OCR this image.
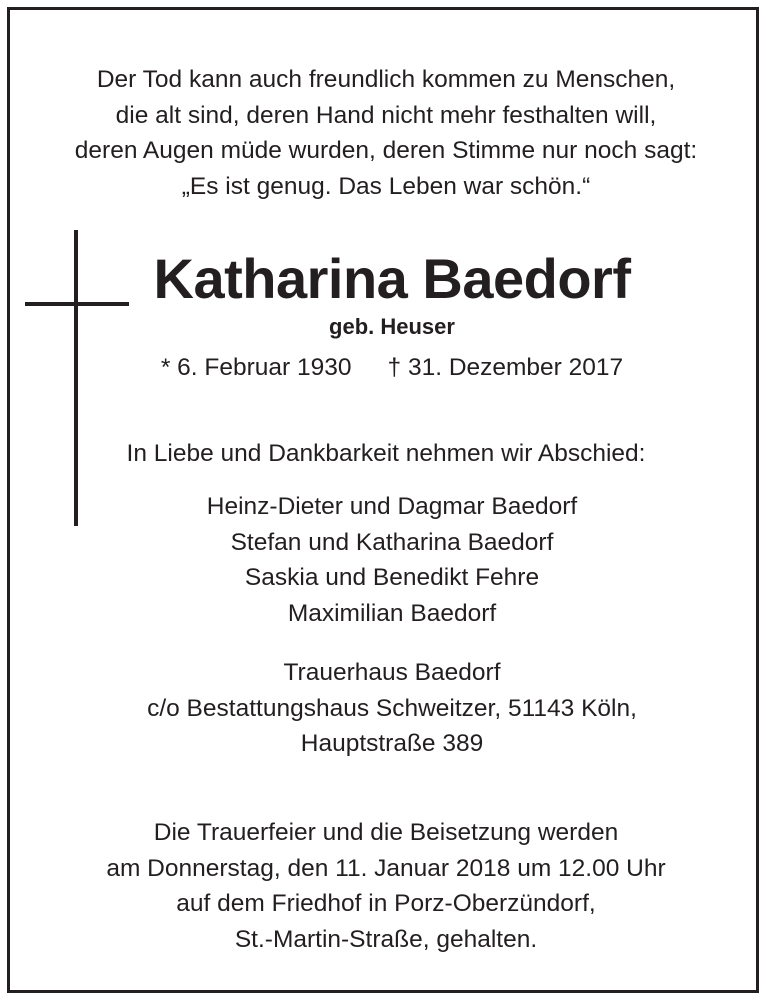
Der Tod kann auch freundlich kommen zu Menschen,
die alt sind, deren Hand nicht mehr festhalten will,
deren Augen müde wurden, deren Stimme nur noch sagt:
„Es ist genug. Das Leben war schön.“
Katharina Baedorf
geb. Heuser
* 6. Februar 1930 † 31. Dezember 2017
In Liebe und Dankbarkeit nehmen wir Abschied:
Heinz-Dieter und Dagmar Baedorf
Stefan und Katharina Baedorf
Saskia und Benedikt Fehre
Maximilian Baedorf
Trauerhaus Baedorf
c/o Bestattungshaus Schweitzer, 51143 Köln,
Hauptstraße 389
Die Trauerfeier und die Beisetzung werden
am Donnerstag, den 11. Januar 2018 um 12.00 Uhr
auf dem Friedhof in Porz-Oberzündorf,
St.-Martin-Straße, gehalten.
